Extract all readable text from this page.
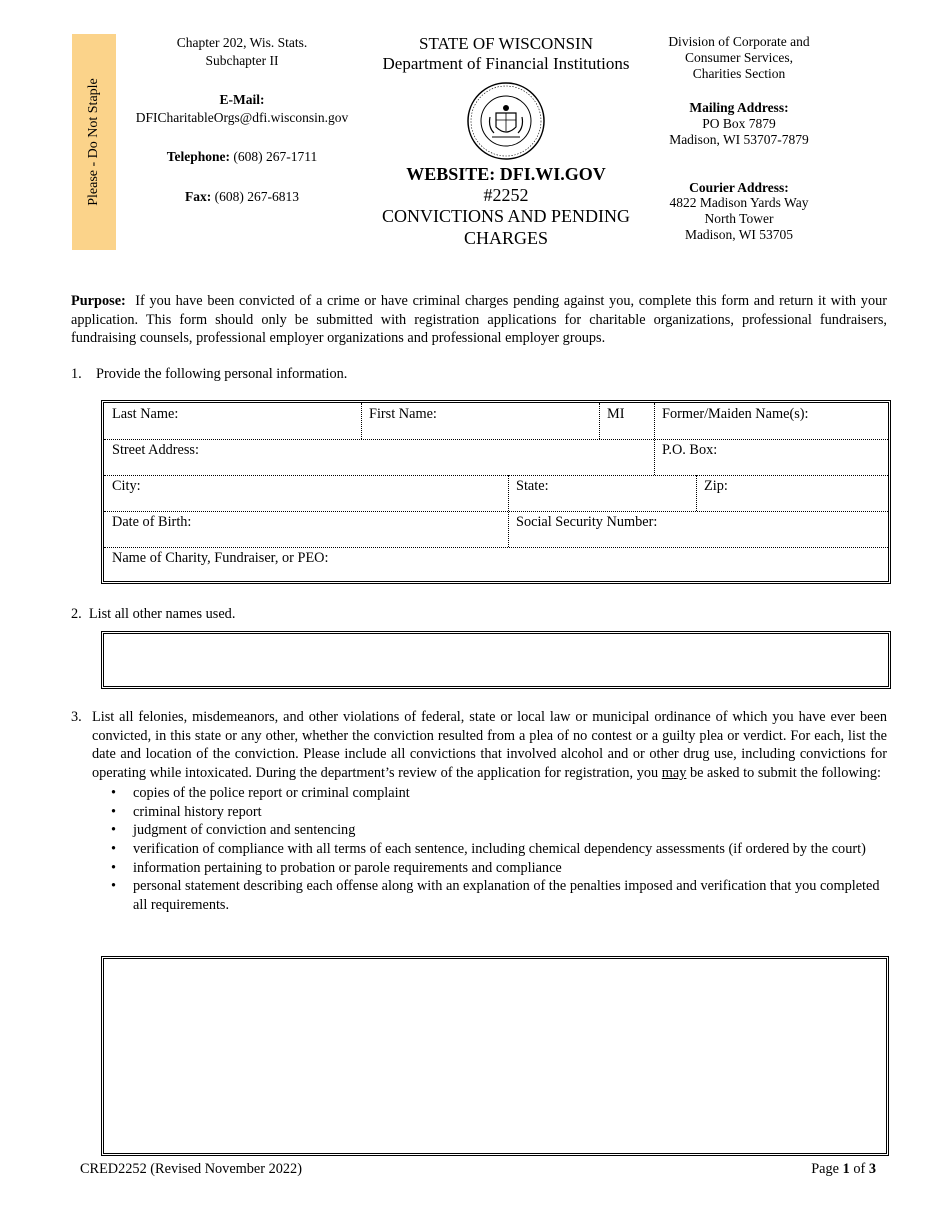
Please - Do Not Staple
Chapter 202, Wis. Stats.
Subchapter II
E-Mail:
DFICharitableOrgs@dfi.wisconsin.gov
Telephone: (608) 267-1711
Fax: (608) 267-6813
STATE OF WISCONSIN
Department of Financial Institutions
WEBSITE: DFI.WI.GOV
#2252
CONVICTIONS AND PENDING CHARGES
Division of Corporate and
Consumer Services,
Charities Section
Mailing Address:
PO Box 7879
Madison, WI 53707-7879
Courier Address:
4822 Madison Yards Way
North Tower
Madison, WI 53705
Purpose: If you have been convicted of a crime or have criminal charges pending against you, complete this form and return it with your application. This form should only be submitted with registration applications for charitable organizations, professional fundraisers, fundraising counsels, professional employer organizations and professional employer groups.
1. Provide the following personal information.
Last Name:	First Name:	MI	Former/Maiden Name(s):
Street Address:	P.O. Box:
City:	State:	Zip:
Date of Birth:	Social Security Number:
Name of Charity, Fundraiser, or PEO:
2. List all other names used.
3. List all felonies, misdemeanors, and other violations of federal, state or local law or municipal ordinance of which you have ever been convicted, in this state or any other, whether the conviction resulted from a plea of no contest or a guilty plea or verdict. For each, list the date and location of the conviction. Please include all convictions that involved alcohol and or other drug use, including convictions for operating while intoxicated. During the department’s review of the application for registration, you may be asked to submit the following:
• copies of the police report or criminal complaint
• criminal history report
• judgment of conviction and sentencing
• verification of compliance with all terms of each sentence, including chemical dependency assessments (if ordered by the court)
• information pertaining to probation or parole requirements and compliance
• personal statement describing each offense along with an explanation of the penalties imposed and verification that you completed all requirements.
CRED2252 (Revised November 2022)	Page 1 of 3
